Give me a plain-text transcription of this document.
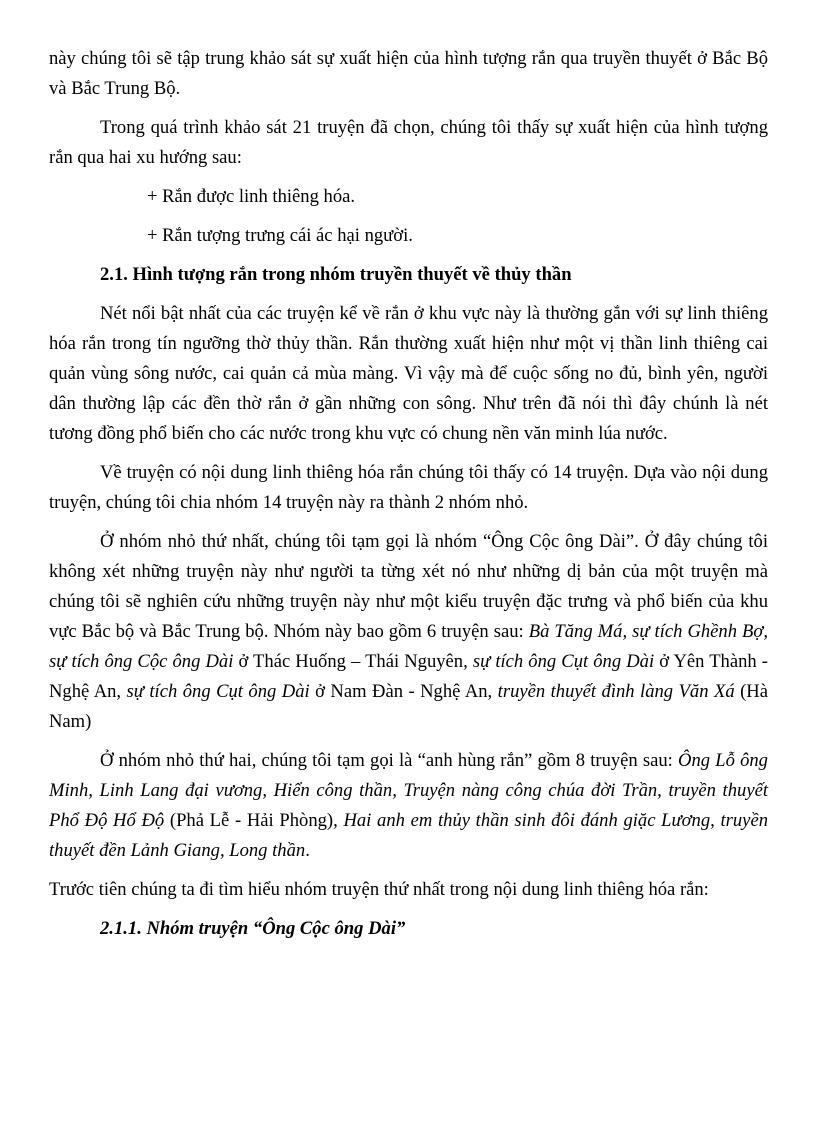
này chúng tôi sẽ tập trung khảo sát sự xuất hiện của hình tượng rắn qua truyền thuyết ở Bắc Bộ và Bắc Trung Bộ.

Trong quá trình khảo sát 21 truyện đã chọn, chúng tôi thấy sự xuất hiện của hình tượng rắn qua hai xu hướng sau:

+ Rắn được linh thiêng hóa.

+ Rắn tượng trưng cái ác hại người.

2.1. Hình tượng rắn trong nhóm truyền thuyết về thủy thần

Nét nổi bật nhất của các truyện kể về rắn ở khu vực này là thường gắn với sự linh thiêng hóa rắn trong tín ngưỡng thờ thủy thần. Rắn thường xuất hiện như một vị thần linh thiêng cai quản vùng sông nước, cai quản cả mùa màng. Vì vậy mà để cuộc sống no đủ, bình yên, người dân thường lập các đền thờ rắn ở gần những con sông. Như trên đã nói thì đây chúnh là nét tương đồng phổ biến cho các nước trong khu vực có chung nền văn minh lúa nước.

Về truyện có nội dung linh thiêng hóa rắn chúng tôi thấy có 14 truyện. Dựa vào nội dung truyện, chúng tôi chia nhóm 14 truyện này ra thành 2 nhóm nhỏ.

Ở nhóm nhỏ thứ nhất, chúng tôi tạm gọi là nhóm “Ông Cộc ông Dài”. Ở đây chúng tôi không xét những truyện này như người ta từng xét nó như những dị bản của một truyện mà chúng tôi sẽ nghiên cứu những truyện này như một kiểu truyện đặc trưng và phổ biến của khu vực Bắc bộ và Bắc Trung bộ. Nhóm này bao gồm 6 truyện sau: Bà Tăng Má, sự tích Ghềnh Bợ, sự tích ông Cộc ông Dài ở Thác Huống – Thái Nguyên, sự tích ông Cụt ông Dài ở Yên Thành - Nghệ An, sự tích ông Cụt ông Dài ở Nam Đàn - Nghệ An, truyền thuyết đình làng Văn Xá (Hà Nam)

Ở nhóm nhỏ thứ hai, chúng tôi tạm gọi là “anh hùng rắn” gồm 8 truyện sau: Ông Lỗ ông Minh, Linh Lang đại vương, Hiển công thần, Truyện nàng công chúa đời Trần, truyền thuyết Phổ Độ Hổ Độ (Phả Lễ - Hải Phòng), Hai anh em thủy thần sinh đôi đánh giặc Lương, truyền thuyết đền Lảnh Giang, Long thần.

Trước tiên chúng ta đi tìm hiểu nhóm truyện thứ nhất trong nội dung linh thiêng hóa rắn:

2.1.1. Nhóm truyện “Ông Cộc ông Dài”
